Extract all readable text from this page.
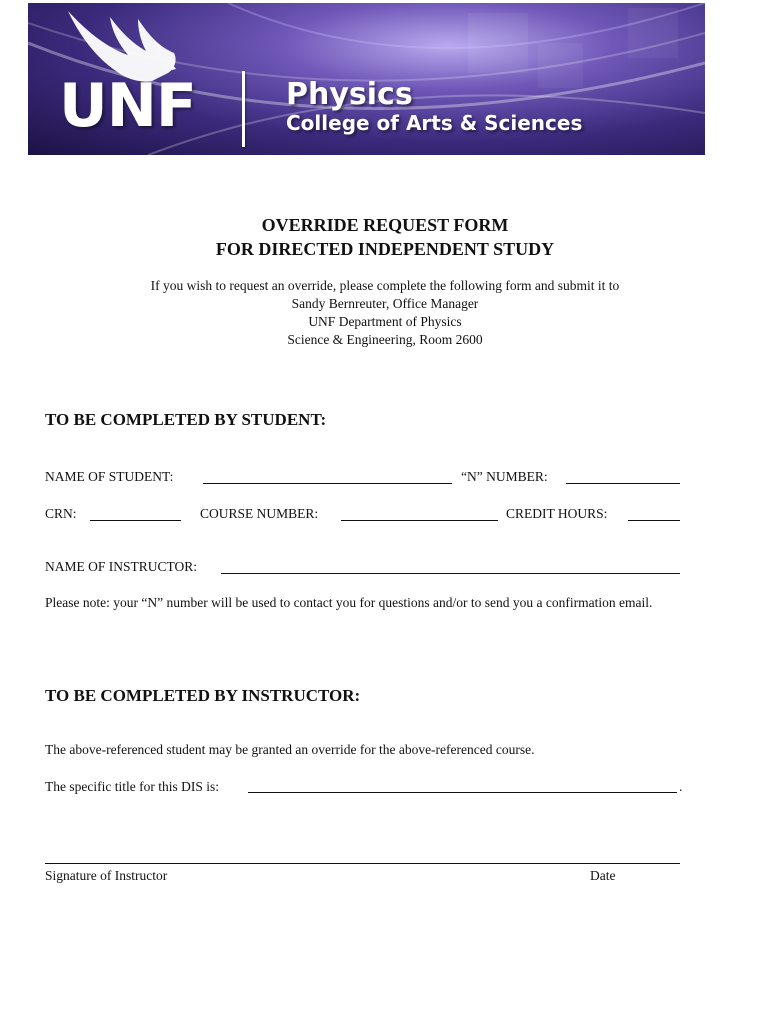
UNF	Physics
College of Arts & Sciences
OVERRIDE REQUEST FORM
FOR DIRECTED INDEPENDENT STUDY
If you wish to request an override, please complete the following form and submit it to
Sandy Bernreuter, Office Manager
UNF Department of Physics
Science & Engineering, Room 2600
TO BE COMPLETED BY STUDENT:
NAME OF STUDENT:	“N” NUMBER:
CRN:	COURSE NUMBER:	CREDIT HOURS:
NAME OF INSTRUCTOR:
Please note: your “N” number will be used to contact you for questions and/or to send you a confirmation email.
TO BE COMPLETED BY INSTRUCTOR:
The above-referenced student may be granted an override for the above-referenced course.
The specific title for this DIS is:	.
Signature of Instructor	Date
